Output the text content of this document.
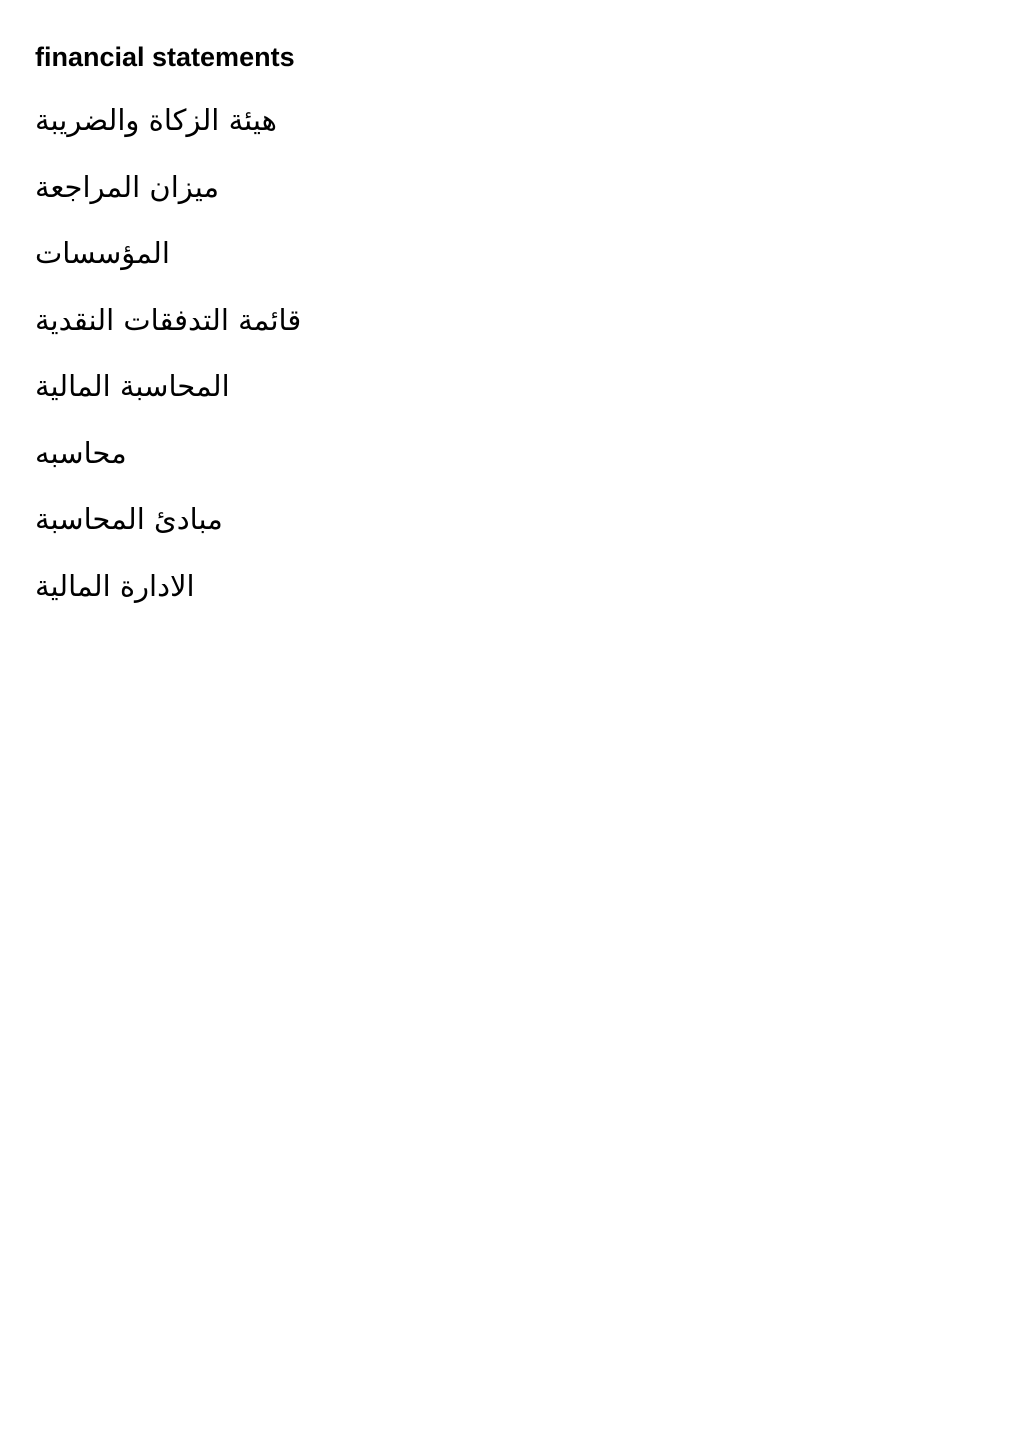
financial statements
هيئة الزكاة والضريبة
ميزان المراجعة
المؤسسات
قائمة التدفقات النقدية
المحاسبة المالية
محاسبه
مبادئ المحاسبة
الادارة المالية
